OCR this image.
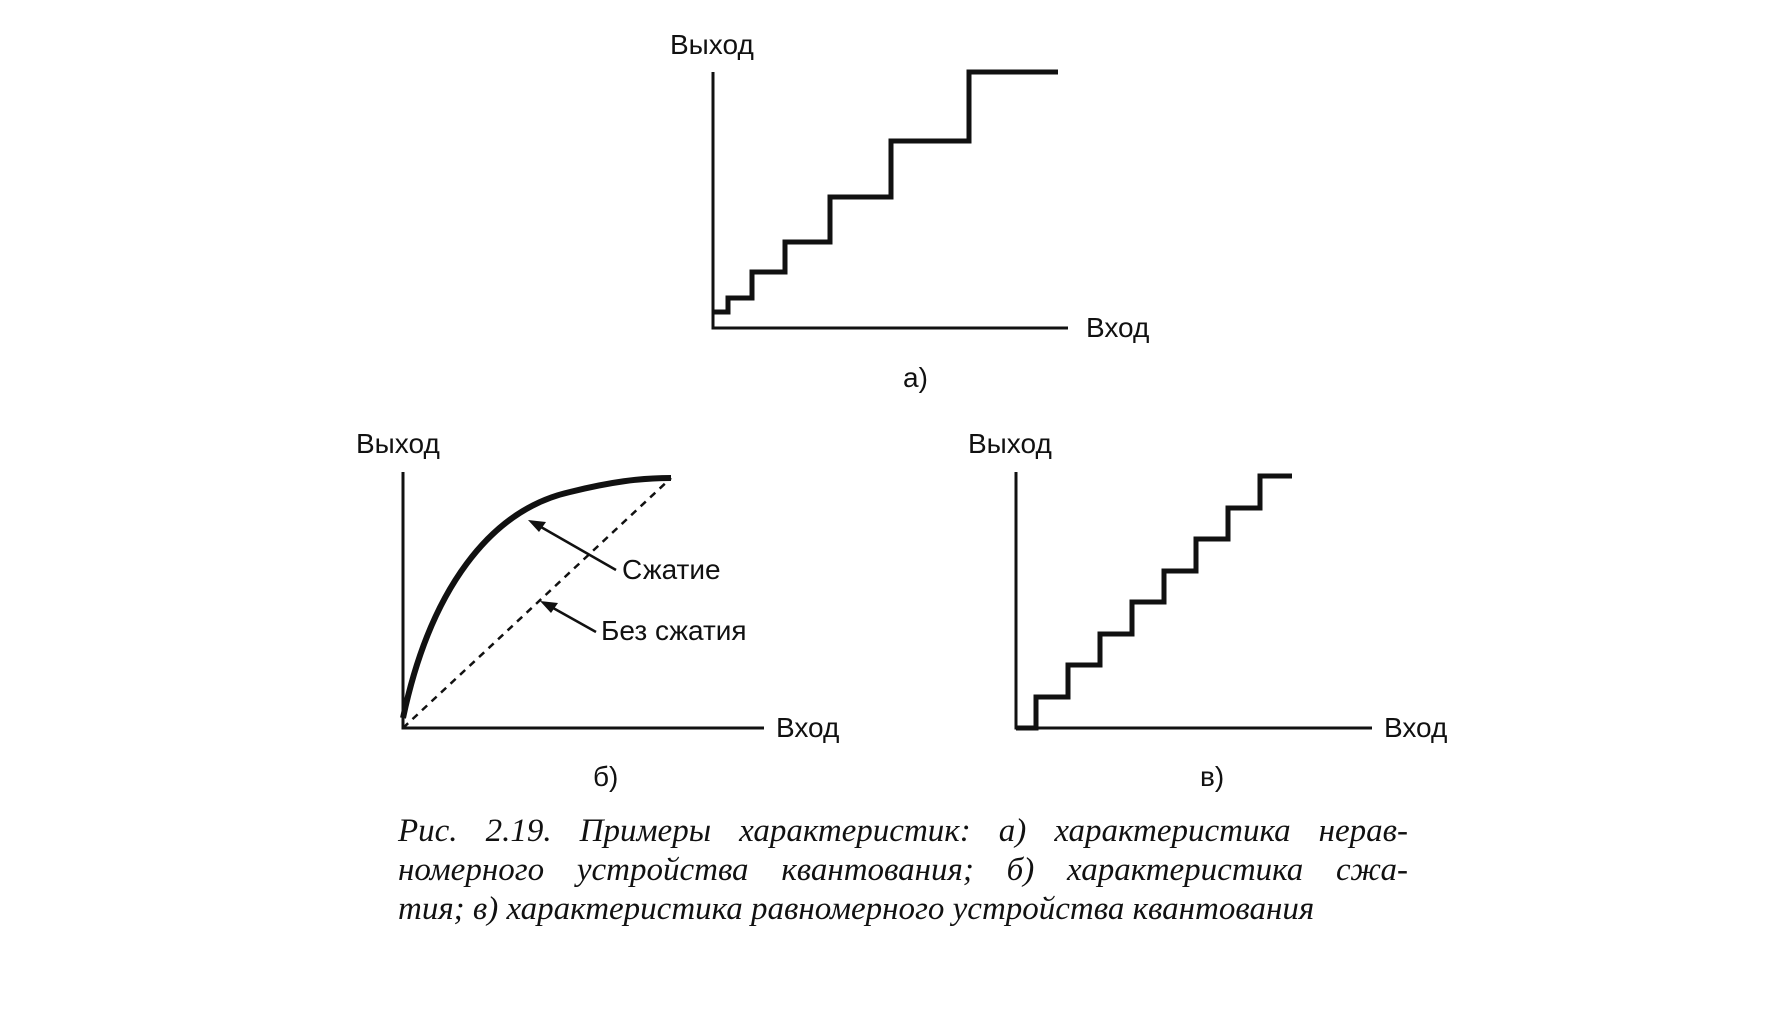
Выход
Вход
а)
Выход
Сжатие
Без сжатия
Вход
б)
Выход
Вход
в)
Рис. 2.19. Примеры характеристик: а) характеристика нерав-
номерного устройства квантования; б) характеристика сжа-
тия; в) характеристика равномерного устройства квантования
